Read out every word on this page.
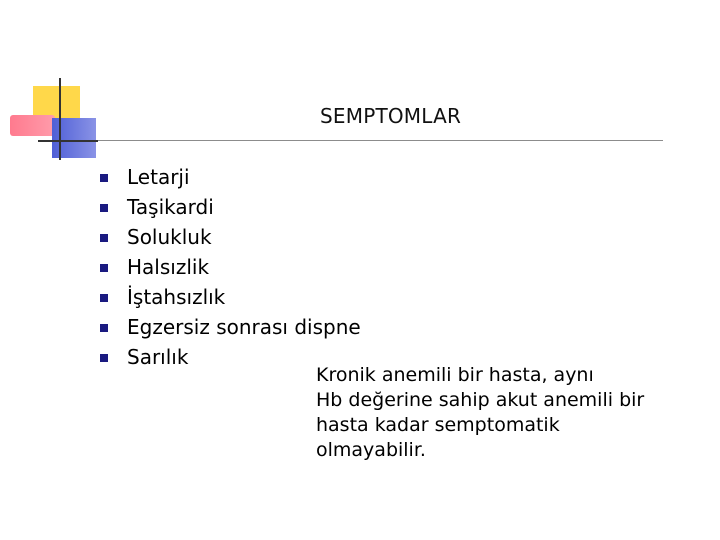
SEMPTOMLAR
Letarji
Taşikardi
Solukluk
Halsızlik
İştahsızlık
Egzersiz sonrası dispne
Sarılık
Kronik anemili bir hasta, aynı
Hb değerine sahip akut anemili bir
hasta kadar semptomatik
olmayabilir.
